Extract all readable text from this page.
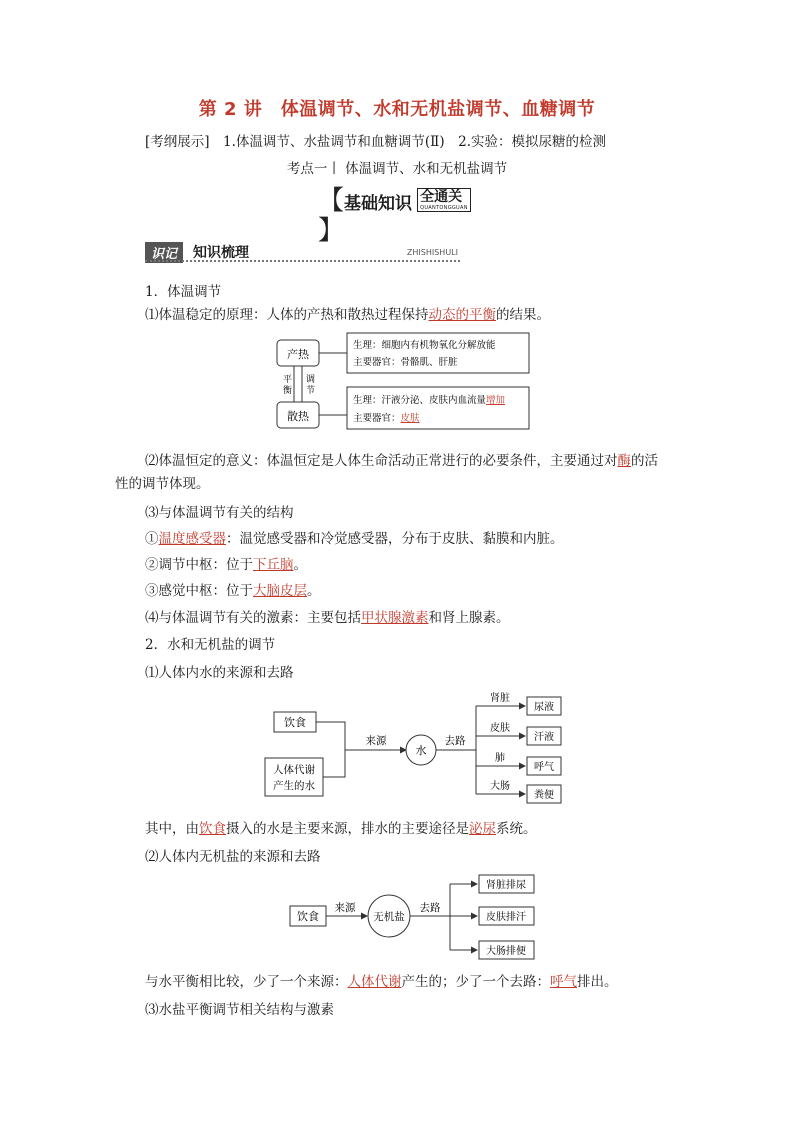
第 2 讲　体温调节、水和无机盐调节、血糖调节
[考纲展示]　1.体温调节、水盐调节和血糖调节(Ⅱ)　2.实验：模拟尿糖的检测
考点一丨 体温调节、水和无机盐调节
【基础知识 全通关
QUANTONGGUAN
】
识记	知识梳理	ZHISHISHULI
1．体温调节
⑴体温稳定的原理：人体的产热和散热过程保持动态的平衡的结果。
产热
散热
平
衡
调
节
生理：细胞内有机物氧化分解放能
主要器官：骨骼肌、肝脏
生理：汗液分泌、皮肤内血流量增加
主要器官：皮肤
⑵体温恒定的意义：体温恒定是人体生命活动正常进行的必要条件，主要通过对酶的活
性的调节体现。
⑶与体温调节有关的结构
①温度感受器：温觉感受器和冷觉感受器，分布于皮肤、黏膜和内脏。
②调节中枢：位于下丘脑。
③感觉中枢：位于大脑皮层。
⑷与体温调节有关的激素：主要包括甲状腺激素和肾上腺素。
2．水和无机盐的调节
⑴人体内水的来源和去路
饮食
人体代谢
产生的水
来源
水
去路
肾脏
皮肤
肺
大肠
尿液
汗液
呼气
粪便
其中，由饮食摄入的水是主要来源，排水的主要途径是泌尿系统。
⑵人体内无机盐的来源和去路
饮食
来源
无机盐
去路
肾脏排尿
皮肤排汗
大肠排便
与水平衡相比较，少了一个来源：人体代谢产生的；少了一个去路：呼气排出。
⑶水盐平衡调节相关结构与激素
